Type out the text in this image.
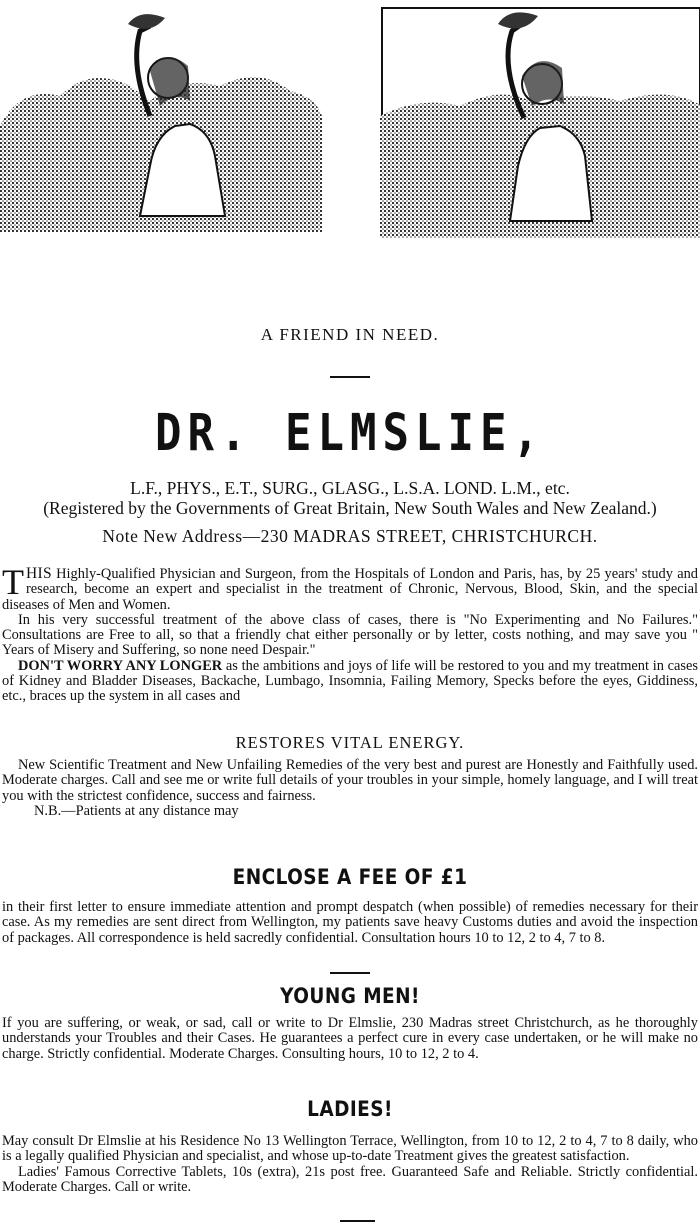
A FRIEND IN NEED.
DR. ELMSLIE,
L.F., PHYS., E.T., SURG., GLASG., L.S.A. LOND. L.M., etc.
(Registered by the Governments of Great Britain, New South Wales and New Zealand.)
Note New Address—230 MADRAS STREET, CHRISTCHURCH.

THIS Highly-Qualified Physician and Surgeon, from the Hospitals of London and Paris, has, by 25 years' study and research, become an expert and specialist in the treatment of Chronic, Nervous, Blood, Skin, and the special diseases of Men and Women.

In his very successful treatment of the above class of cases, there is "No Experimenting and No Failures." Consultations are Free to all, so that a friendly chat either personally or by letter, costs nothing, and may save you " Years of Misery and Suffering, so none need Despair."

DON'T WORRY ANY LONGER as the ambitions and joys of life will be restored to you and my treatment in cases of Kidney and Bladder Diseases, Backache, Lumbago, Insomnia, Failing Memory, Specks before the eyes, Giddiness, etc., braces up the system in all cases and

RESTORES VITAL ENERGY.

New Scientific Treatment and New Unfailing Remedies of the very best and purest are Honestly and Faithfully used. Moderate charges. Call and see me or write full details of your troubles in your simple, homely language, and I will treat you with the strictest confidence, success and fairness.

N.B.—Patients at any distance may

ENCLOSE A FEE OF £1
in their first letter to ensure immediate attention and prompt despatch (when possible) of remedies necessary for their case. As my remedies are sent direct from Wellington, my patients save heavy Customs duties and avoid the inspection of packages. All correspondence is held sacredly confidential. Consultation hours 10 to 12, 2 to 4, 7 to 8.
YOUNG MEN!
If you are suffering, or weak, or sad, call or write to Dr Elmslie, 230 Madras street Christchurch, as he thoroughly understands your Troubles and their Cases. He guarantees a perfect cure in every case undertaken, or he will make no charge. Strictly confidential. Moderate Charges. Consulting hours, 10 to 12, 2 to 4.
LADIES!

May consult Dr Elmslie at his Residence No 13 Wellington Terrace, Wellington, from 10 to 12, 2 to 4, 7 to 8 daily, who is a legally qualified Physician and specialist, and whose up-to-date Treatment gives the greatest satisfaction.

Ladies' Famous Corrective Tablets, 10s (extra), 21s post free. Guaranteed Safe and Reliable. Strictly confidential. Moderate Charges. Call or write.
